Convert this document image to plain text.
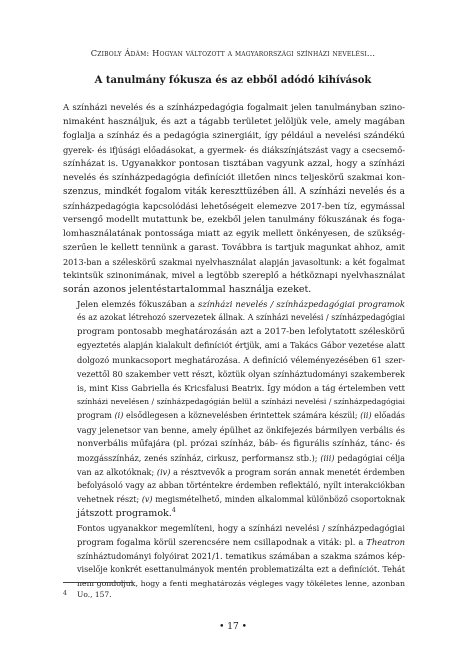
Cziboly Ádám: Hogyan változott a magyarországi színházi nevelési...
A tanulmány fókusza és az ebből adódó kihívások

A színházi nevelés és a színházpedagógia fogalmait jelen tanulmányban szino-
nimaként használjuk, és azt a tágabb területet jelöljük vele, amely magában
foglalja a színház és a pedagógia szinergiáit, így például a nevelési szándékú
gyerek- és ifjúsági előadásokat, a gyermek- és diákszínjátszást vagy a csecsemő-
színházat is. Ugyanakkor pontosan tisztában vagyunk azzal, hogy a színházi
nevelés és színházpedagógia definíciót illetően nincs teljeskörű szakmai kon-
szenzus, mindkét fogalom viták kereszttüzében áll. A színházi nevelés és a
színházpedagógia kapcsolódási lehetőségeit elemezve 2017-ben tíz, egymással
versengő modellt mutattunk be, ezekből jelen tanulmány fókuszának és foga-
lomhasználatának pontossága miatt az egyik mellett önkényesen, de szükség-
szerűen le kellett tennünk a garast. Továbbra is tartjuk magunkat ahhoz, amit
2013-ban a széleskörű szakmai nyelvhasználat alapján javasoltunk: a két fogalmat
tekintsük szinonimának, mivel a legtöbb szereplő a hétköznapi nyelvhasználat
során azonos jelentéstartalommal használja ezeket.

Jelen elemzés fókuszában a színházi nevelés / színházpedagógiai programok
és az azokat létrehozó szervezetek állnak. A színházi nevelési / színházpedagógiai
program pontosabb meghatározásán azt a 2017-ben lefolytatott széleskörű
egyeztetés alapján kialakult definíciót értjük, ami a Takács Gábor vezetése alatt
dolgozó munkacsoport meghatározása. A definíció véleményezésében 61 szer-
vezettől 80 szakember vett részt, köztük olyan színháztudományi szakemberek
is, mint Kiss Gabriella és Kricsfalusi Beatrix. Így módon a tág értelemben vett
színházi nevelésen / színházpedagógián belül a színházi nevelési / színházpedagógiai
program (i) elsődlegesen a köznevelésben érintettek számára készül; (ii) előadás
vagy jelenetsor van benne, amely épülhet az önkifejezés bármilyen verbális és
nonverbális műfajára (pl. prózai színház, báb- és figurális színház, tánc- és
mozgásszínház, zenés színház, cirkusz, performansz stb.); (iii) pedagógiai célja
van az alkotóknak; (iv) a résztvevők a program során annak menetét érdemben
befolyásoló vagy az abban történtekre érdemben reflektáló, nyílt interakciókban
vehetnek részt; (v) megismételhető, minden alkalommal különböző csoportoknak
játszott programok.$^4$

Fontos ugyanakkor megemlíteni, hogy a színházi nevelési / színházpedagógiai
program fogalma körül szerencsére nem csillapodnak a viták: pl. a Theatron
színháztudományi folyóirat 2021/1. tematikus számában a szakma számos kép-
viselője konkrét esettanulmányok mentén problematizálta ezt a definíciót. Tehát
nem gondoljuk, hogy a fenti meghatározás végleges vagy tökéletes lenne, azonban

4 Uo., 157.
• 17 •
